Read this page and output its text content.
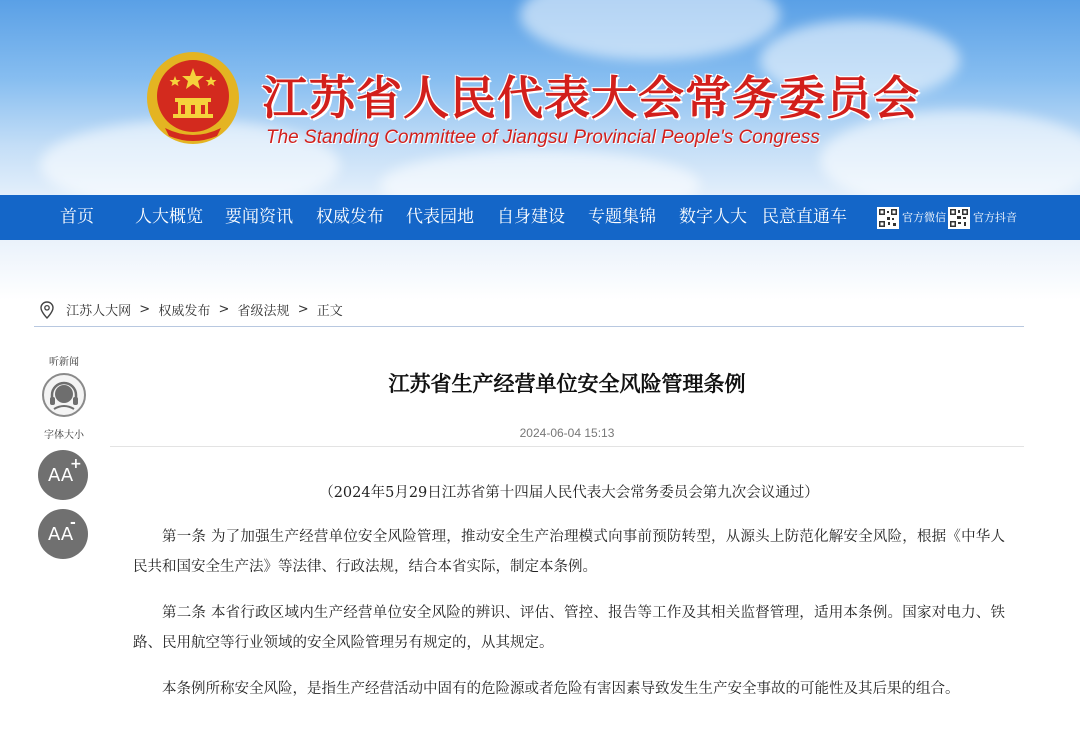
江苏省人民代表大会常务委员会
The Standing Committee of Jiangsu Provincial People's Congress
首页 人大概览 要闻资讯 权威发布 代表园地 自身建设 专题集锦 数字人大 民意直通车	官方微信 官方抖音
江苏人大网 > 权威发布 > 省级法规 > 正文
听新闻
字体大小
AA
+
AA
-
江苏省生产经营单位安全风险管理条例
2024-06-04 15:13

（2024年5月29日江苏省第十四届人民代表大会常务委员会第九次会议通过）

第一条 为了加强生产经营单位安全风险管理，推动安全生产治理模式向事前预防转型，从源头上防范化解安全风险，根据《中华人民共和国安全生产法》等法律、行政法规，结合本省实际，制定本条例。

第二条 本省行政区域内生产经营单位安全风险的辨识、评估、管控、报告等工作及其相关监督管理，适用本条例。国家对电力、铁路、民用航空等行业领域的安全风险管理另有规定的，从其规定。

本条例所称安全风险，是指生产经营活动中固有的危险源或者危险有害因素导致发生生产安全事故的可能性及其后果的组合。
